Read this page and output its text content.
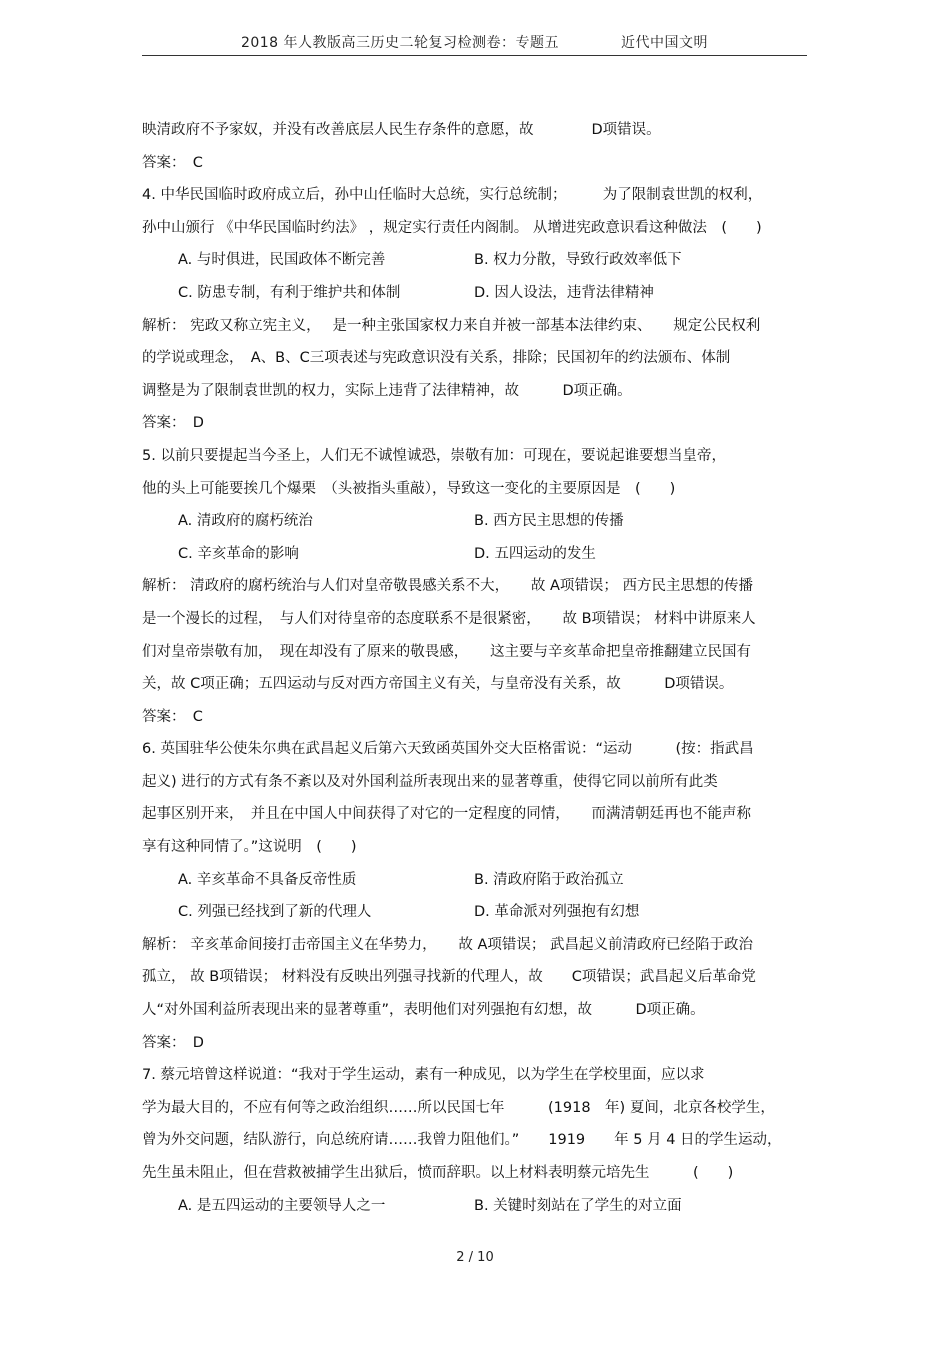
2018 年人教版高三历史二轮复习检测卷：专题五	近代中国文明
映清政府不予家奴，并没有改善底层人民生存条件的意愿，故　　　　D项错误。
答案：　C
4. 中华民国临时政府成立后，孙中山任临时大总统，实行总统制；　　　为了限制袁世凯的权利，
孙中山颁行 《中华民国临时约法》 ，规定实行责任内阁制。 从增进宪政意识看这种做法　(　　)
A. 与时俱进，民国政体不断完善	B. 权力分散，导致行政效率低下
C. 防患专制，有利于维护共和体制	D. 因人设法，违背法律精神
解析： 宪政又称立宪主义，　 是一种主张国家权力来自并被一部基本法律约束、　　规定公民权利
的学说或理念，　A、B、C三项表述与宪政意识没有关系，排除；民国初年的约法颁布、体制
调整是为了限制袁世凯的权力，实际上违背了法律精神，故　　　D项正确。
答案：　D
5. 以前只要提起当今圣上，人们无不诚惶诚恐，崇敬有加：可现在，要说起谁要想当皇帝，
他的头上可能要挨几个爆栗　（头被指头重敲），导致这一变化的主要原因是　(　　)
A. 清政府的腐朽统治	B. 西方民主思想的传播
C. 辛亥革命的影响	D. 五四运动的发生
解析： 清政府的腐朽统治与人们对皇帝敬畏感关系不大，　　故 A项错误； 西方民主思想的传播
是一个漫长的过程，　与人们对待皇帝的态度联系不是很紧密，　　故 B项错误； 材料中讲原来人
们对皇帝崇敬有加，　现在却没有了原来的敬畏感，　　这主要与辛亥革命把皇帝推翻建立民国有
关，故 C项正确；五四运动与反对西方帝国主义有关，与皇帝没有关系，故　　　D项错误。
答案：　C
6. 英国驻华公使朱尔典在武昌起义后第六天致函英国外交大臣格雷说：“运动　　　(按：指武昌
起义) 进行的方式有条不紊以及对外国利益所表现出来的显著尊重，使得它同以前所有此类
起事区别开来，　并且在中国人中间获得了对它的一定程度的同情，　　而满清朝廷再也不能声称
享有这种同情了。”这说明　(　　)
A. 辛亥革命不具备反帝性质	B. 清政府陷于政治孤立
C. 列强已经找到了新的代理人	D. 革命派对列强抱有幻想
解析： 辛亥革命间接打击帝国主义在华势力，　　故 A项错误； 武昌起义前清政府已经陷于政治
孤立， 故 B项错误； 材料没有反映出列强寻找新的代理人，故　　C项错误；武昌起义后革命党
人“对外国利益所表现出来的显著尊重”，表明他们对列强抱有幻想，故　　　D项正确。
答案：　D
7. 蔡元培曾这样说道：“我对于学生运动，素有一种成见，以为学生在学校里面，应以求
学为最大目的，不应有何等之政治组织……所以民国七年　　　(1918　年) 夏间，北京各校学生，
曾为外交问题，结队游行，向总统府请……我曾力阻他们。”　　1919　　年 5 月 4 日的学生运动，
先生虽未阻止，但在营救被捕学生出狱后，愤而辞职。以上材料表明蔡元培先生　　　(　　)
A. 是五四运动的主要领导人之一	B. 关键时刻站在了学生的对立面
2 / 10
